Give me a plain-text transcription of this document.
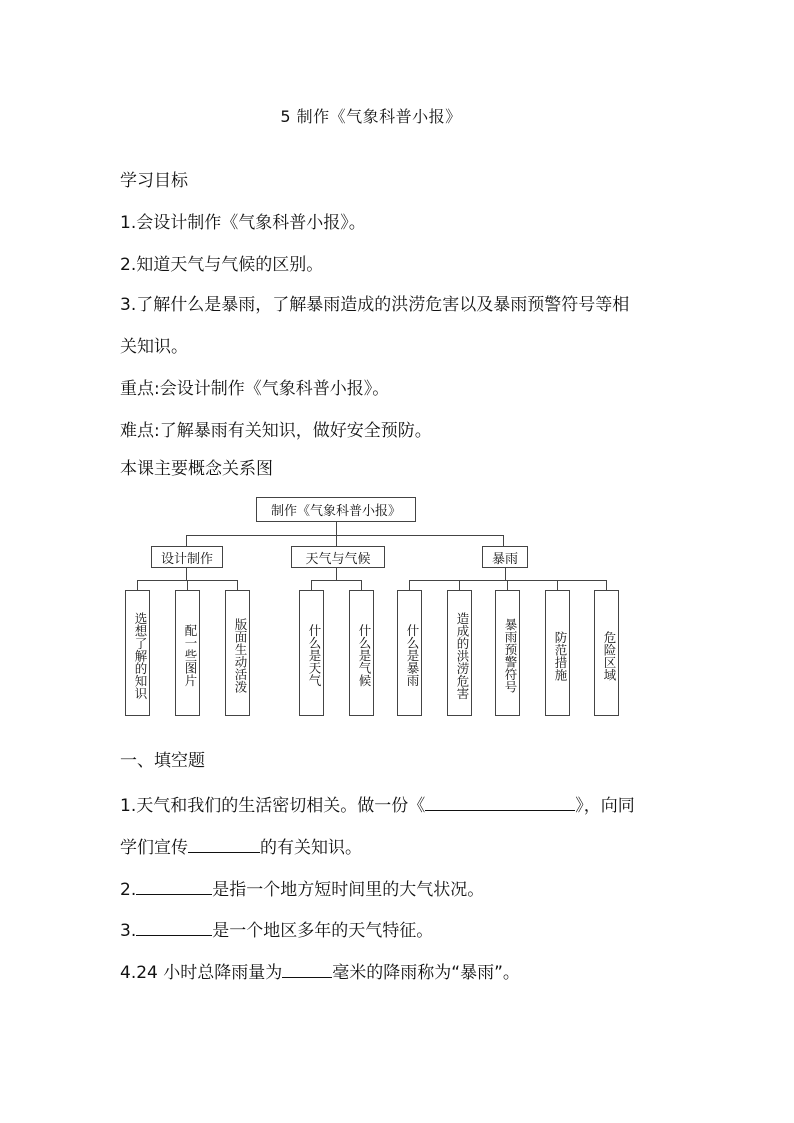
5 制作《气象科普小报》
学习目标
1.会设计制作《气象科普小报》。
2.知道天气与气候的区别。
3.了解什么是暴雨，了解暴雨造成的洪涝危害以及暴雨预警符号等相
关知识。
重点:会设计制作《气象科普小报》。
难点:了解暴雨有关知识，做好安全预防。
本课主要概念关系图
制作《气象科普小报》
设计制作	天气与气候	暴雨
选想了解的知识	配一些图片	版面生动活泼	什么是天气	什么是气候	什么是暴雨	造成的洪涝危害	暴雨预警符号	防范措施	危险区域
一、填空题
1.天气和我们的生活密切相关。做一份《	》，向同
学们宣传	的有关知识。
2.	是指一个地方短时间里的大气状况。
3.	是一个地区多年的天气特征。
4.24 小时总降雨量为	毫米的降雨称为“暴雨”。
